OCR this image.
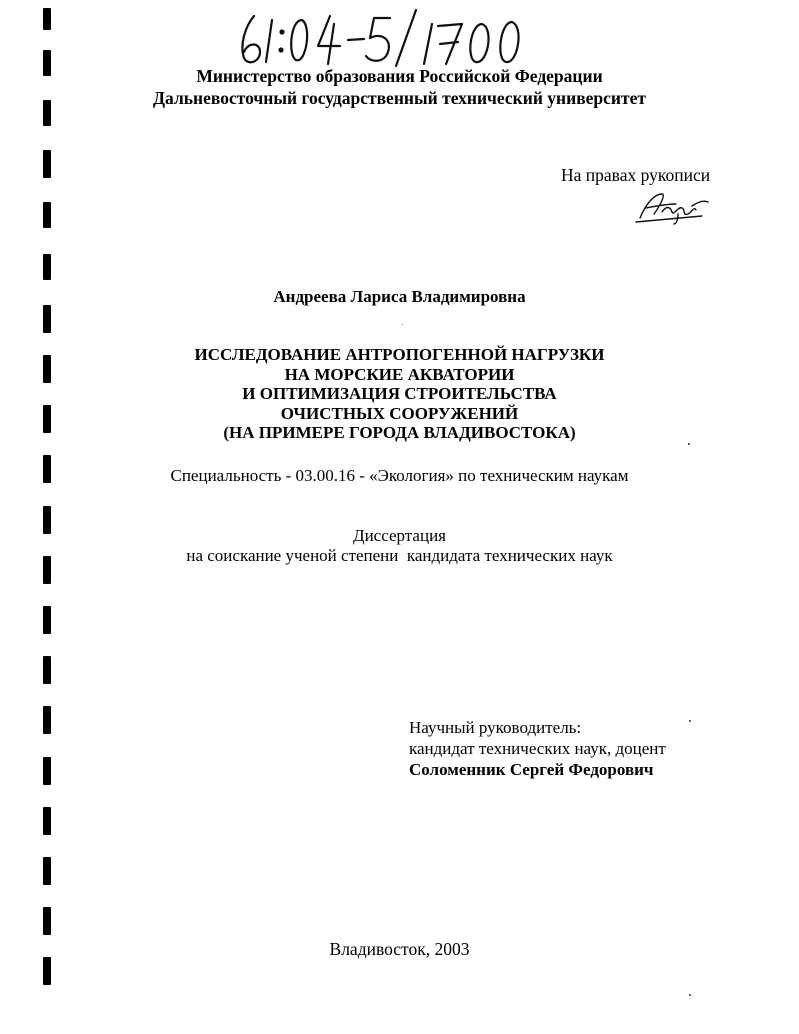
Министерство образования Российской Федерации
Дальневосточный государственный технический университет
На правах рукописи
Андреева Лариса Владимировна
ИССЛЕДОВАНИЕ АНТРОПОГЕННОЙ НАГРУЗКИ
НА МОРСКИЕ АКВАТОРИИ
И ОПТИМИЗАЦИЯ СТРОИТЕЛЬСТВА
ОЧИСТНЫХ СООРУЖЕНИЙ
(НА ПРИМЕРЕ ГОРОДА ВЛАДИВОСТОКА)
Специальность - 03.00.16 - «Экология» по техническим наукам
Диссертация
на соискание ученой степени  кандидата технических наук
Научный руководитель:
кандидат технических наук, доцент
Соломенник Сергей Федорович
Владивосток, 2003
